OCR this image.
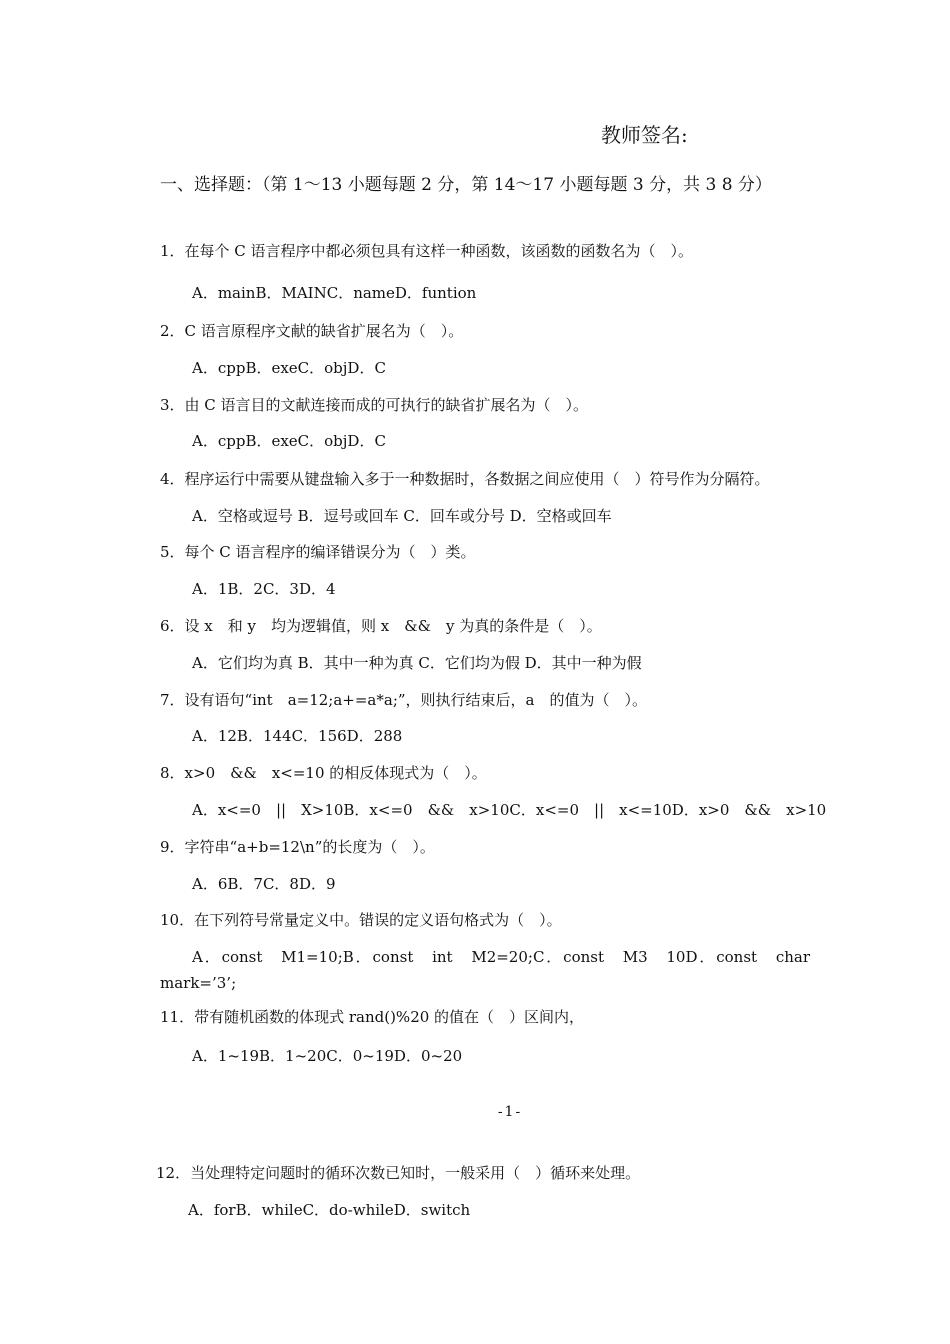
教师签名:
一、选择题：（第 1～13 小题每题 2 分，第 14～17 小题每题 3 分，共 3 8 分）
1．在每个 C 语言程序中都必须包具有这样一种函数，该函数的函数名为（　）。
A．mainB．MAINC．nameD．funtion
2．C 语言原程序文献的缺省扩展名为（　）。
A．cppB．exeC．objD．C
3．由 C 语言目的文献连接而成的可执行的缺省扩展名为（　）。
A．cppB．exeC．objD．C
4．程序运行中需要从键盘输入多于一种数据时，各数据之间应使用（　）符号作为分隔符。
A．空格或逗号 B．逗号或回车 C．回车或分号 D．空格或回车
5．每个 C 语言程序的编译错误分为（　）类。
A．1B．2C．3D．4
6．设 x　和 y　均为逻辑值，则 x　&&　y 为真的条件是（　）。
A．它们均为真 B．其中一种为真 C．它们均为假 D．其中一种为假
7．设有语句“int　a=12;a+=a*a;”，则执行结束后，a　的值为（　）。
A．12B．144C．156D．288
8．x>0　&&　x<=10 的相反体现式为（　）。
A．x<=0　||　X>10B．x<=0　&&　x>10C．x<=0　||　x<=10D．x>0　&&　x>10
9．字符串“a+b=12\n”的长度为（　）。
A．6B．7C．8D．9
10．在下列符号常量定义中。错误的定义语句格式为（　）。
A．const　M1=10;B．const　int　M2=20;C．const　M3　10D．const　char mark=’3’;
11．带有随机函数的体现式 rand()%20 的值在（　）区间内，
A．1~19B．1~20C．0~19D．0~20
-1-
12．当处理特定问题时的循环次数已知时，一般采用（　）循环来处理。
A．forB．whileC．do-whileD．switch
